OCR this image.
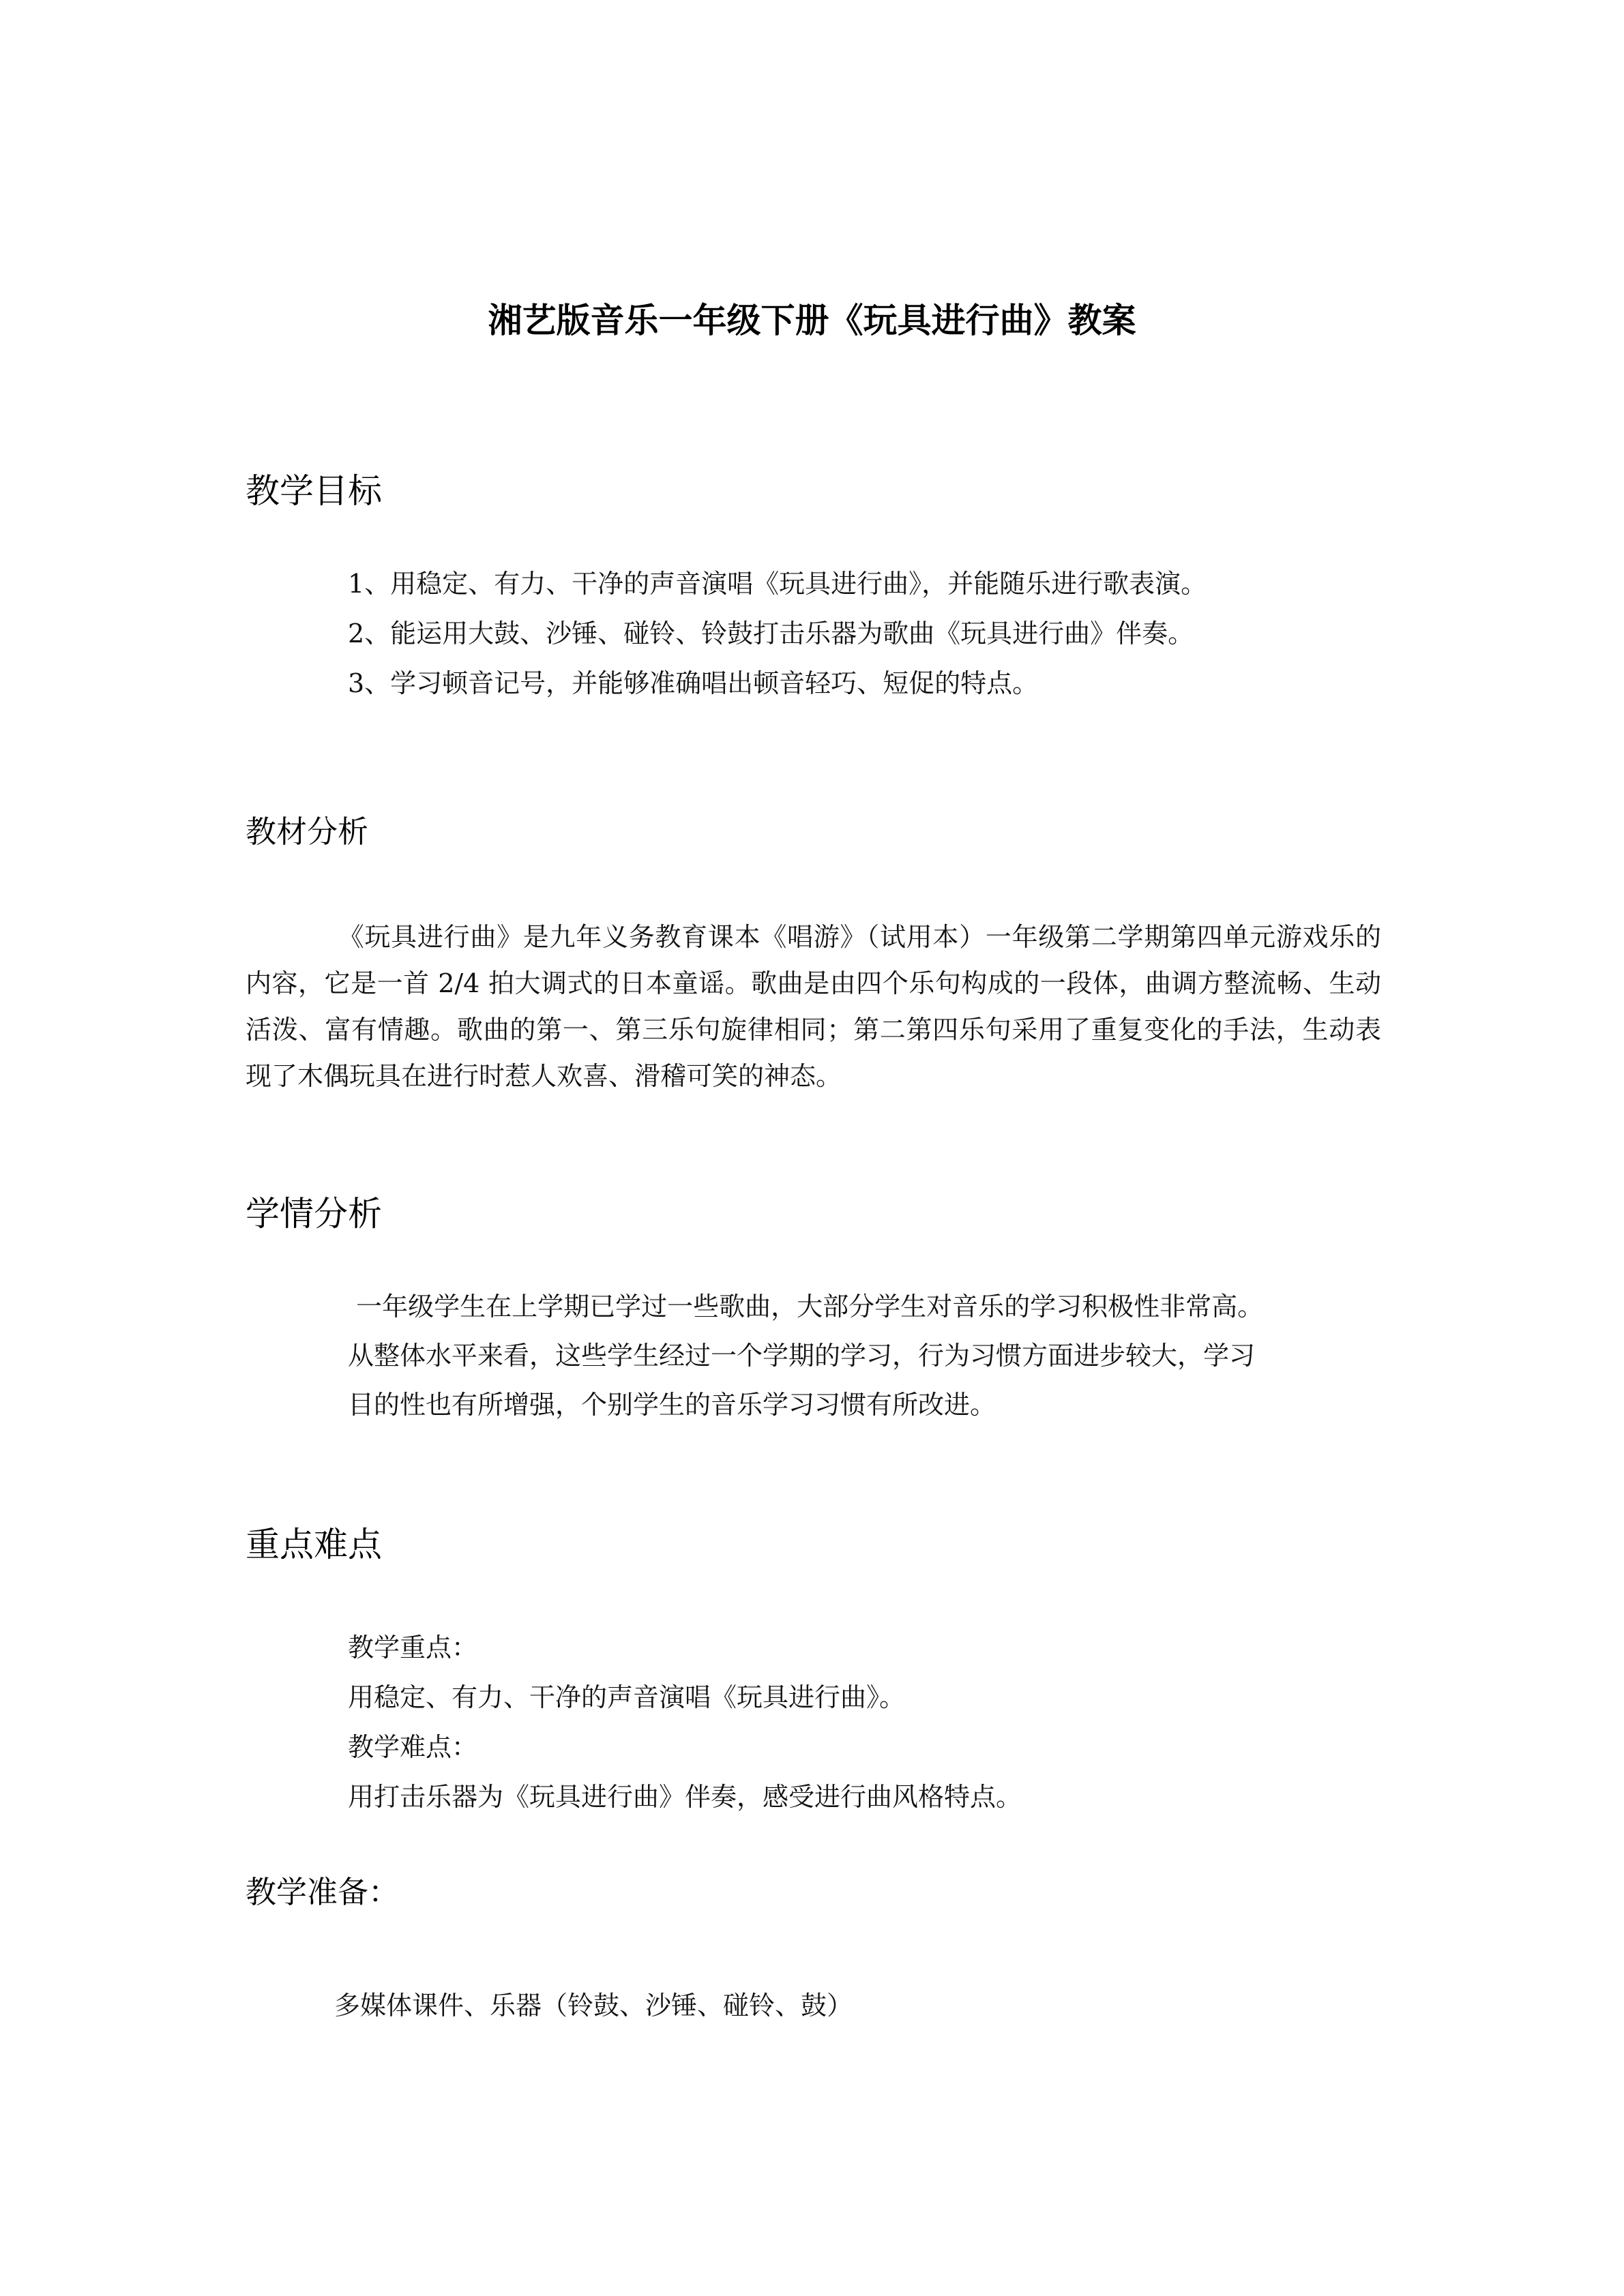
湘艺版音乐一年级下册《玩具进行曲》教案
教学目标
1、用稳定、有力、干净的声音演唱《玩具进行曲》，并能随乐进行歌表演。
2、能运用大鼓、沙锤、碰铃、铃鼓打击乐器为歌曲《玩具进行曲》伴奏。
3、学习顿音记号，并能够准确唱出顿音轻巧、短促的特点。
教材分析

《玩具进行曲》是九年义务教育课本《唱游》（试用本）一年级第二学期第四单元游戏乐的内容，它是一首 2/4 拍大调式的日本童谣。歌曲是由四个乐句构成的一段体，曲调方整流畅、生动活泼、富有情趣。歌曲的第一、第三乐句旋律相同；第二第四乐句采用了重复变化的手法，生动表现了木偶玩具在进行时惹人欢喜、滑稽可笑的神态。

学情分析
一年级学生在上学期已学过一些歌曲，大部分学生对音乐的学习积极性非常高。
从整体水平来看，这些学生经过一个学期的学习，行为习惯方面进步较大，学习
目的性也有所增强，个别学生的音乐学习习惯有所改进。
重点难点
教学重点：
用稳定、有力、干净的声音演唱《玩具进行曲》。
教学难点：
用打击乐器为《玩具进行曲》伴奏，感受进行曲风格特点。
教学准备：
多媒体课件、乐器（铃鼓、沙锤、碰铃、鼓）
